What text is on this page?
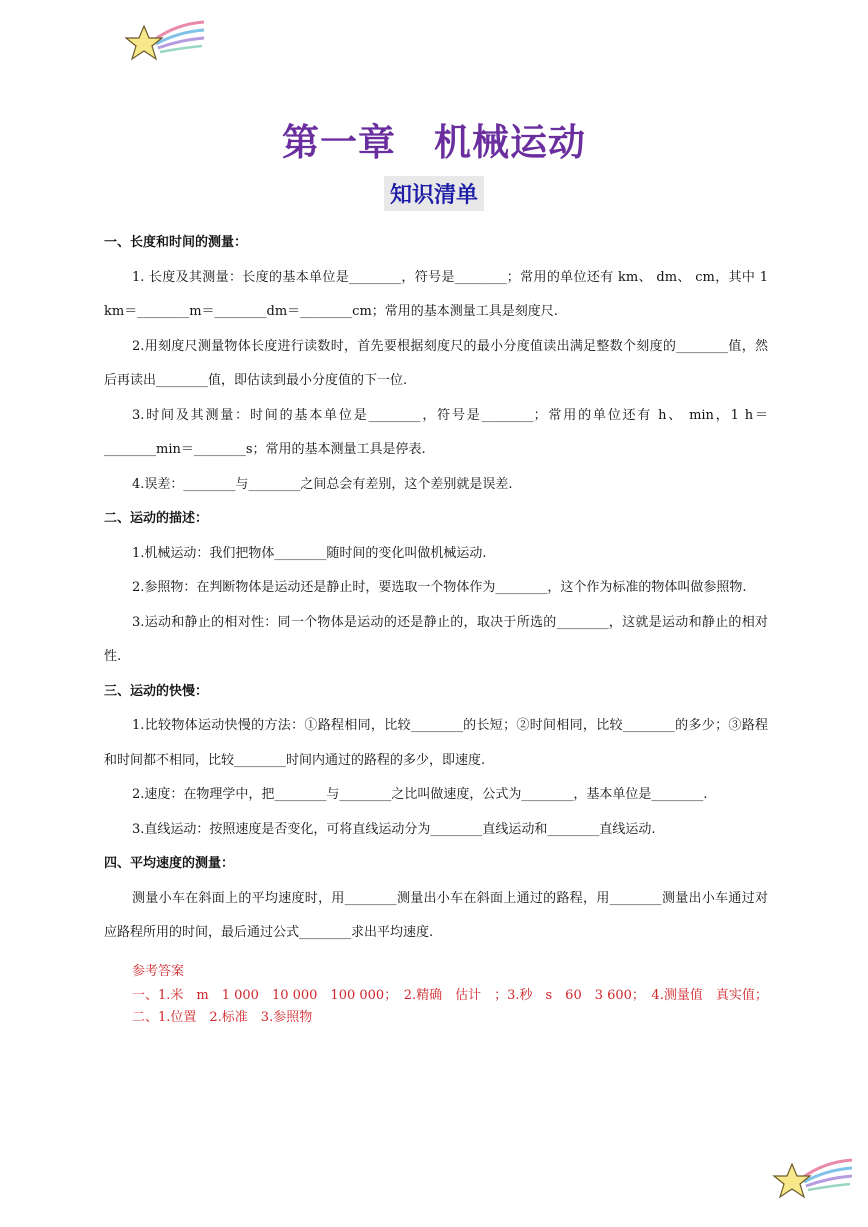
第一章　机械运动
知识清单

一、长度和时间的测量：

1. 长度及其测量：长度的基本单位是________，符号是________；常用的单位还有 km、 dm、 cm，其中 1 km＝________m＝________dm＝________cm；常用的基本测量工具是刻度尺.

2.用刻度尺测量物体长度进行读数时，首先要根据刻度尺的最小分度值读出满足整数个刻度的________值，然后再读出________值，即估读到最小分度值的下一位.

3.时间及其测量：时间的基本单位是________，符号是________；常用的单位还有 h、 min，1 h＝________min＝________s；常用的基本测量工具是停表.

4.误差：________与________之间总会有差别，这个差别就是误差.

二、运动的描述：

1.机械运动：我们把物体________随时间的变化叫做机械运动.

2.参照物：在判断物体是运动还是静止时，要选取一个物体作为________，这个作为标准的物体叫做参照物.

3.运动和静止的相对性：同一个物体是运动的还是静止的，取决于所选的________，这就是运动和静止的相对性.

三、运动的快慢：

1.比较物体运动快慢的方法：①路程相同，比较________的长短；②时间相同，比较________的多少；③路程和时间都不相同，比较________时间内通过的路程的多少，即速度.

2.速度：在物理学中，把________与________之比叫做速度，公式为________，基本单位是________.

3.直线运动：按照速度是否变化，可将直线运动分为________直线运动和________直线运动.

四、平均速度的测量：

测量小车在斜面上的平均速度时，用________测量出小车在斜面上通过的路程，用________测量出小车通过对应路程所用的时间，最后通过公式________求出平均速度.

参考答案

一、1.米　m　1 000　10 000　100 000；　2.精确　估计　；3.秒　s　60　3 600；　4.测量值　真实值；

二、1.位置　2.标准　3.参照物
